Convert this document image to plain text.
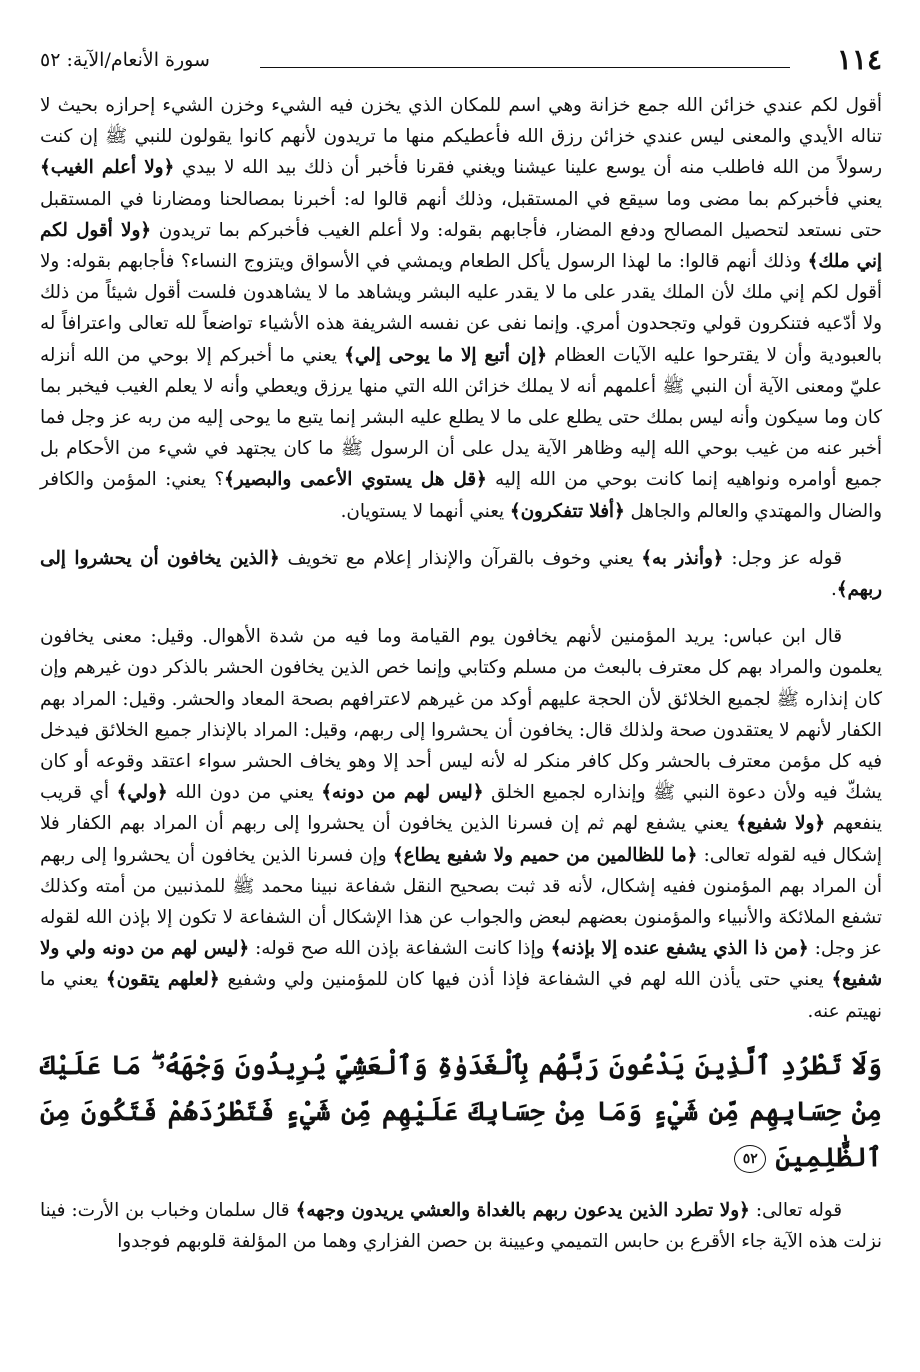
١١٤
سورة الأنعام/الآية: ٥٢

أقول لكم عندي خزائن الله جمع خزانة وهي اسم للمكان الذي يخزن فيه الشيء وخزن الشيء إحرازه بحيث لا تناله الأيدي والمعنى ليس عندي خزائن رزق الله فأعطيكم منها ما تريدون لأنهم كانوا يقولون للنبي ﷺ إن كنت رسولاً من الله فاطلب منه أن يوسع علينا عيشنا ويغني فقرنا فأخبر أن ذلك بيد الله لا بيدي ﴿ولا أعلم الغيب﴾ يعني فأخبركم بما مضى وما سيقع في المستقبل، وذلك أنهم قالوا له: أخبرنا بمصالحنا ومضارنا في المستقبل حتى نستعد لتحصيل المصالح ودفع المضار، فأجابهم بقوله: ولا أعلم الغيب فأخبركم بما تريدون ﴿ولا أقول لكم إني ملك﴾ وذلك أنهم قالوا: ما لهذا الرسول يأكل الطعام ويمشي في الأسواق ويتزوج النساء؟ فأجابهم بقوله: ولا أقول لكم إني ملك لأن الملك يقدر على ما لا يقدر عليه البشر ويشاهد ما لا يشاهدون فلست أقول شيئاً من ذلك ولا أدّعيه فتنكرون قولي وتجحدون أمري. وإنما نفى عن نفسه الشريفة هذه الأشياء تواضعاً لله تعالى واعترافاً له بالعبودية وأن لا يقترحوا عليه الآيات العظام ﴿إن أتبع إلا ما يوحى إلي﴾ يعني ما أخبركم إلا بوحي من الله أنزله عليّ ومعنى الآية أن النبي ﷺ أعلمهم أنه لا يملك خزائن الله التي منها يرزق ويعطي وأنه لا يعلم الغيب فيخبر بما كان وما سيكون وأنه ليس بملك حتى يطلع على ما لا يطلع عليه البشر إنما يتبع ما يوحى إليه من ربه عز وجل فما أخبر عنه من غيب بوحي الله إليه وظاهر الآية يدل على أن الرسول ﷺ ما كان يجتهد في شيء من الأحكام بل جميع أوامره ونواهيه إنما كانت بوحي من الله إليه ﴿قل هل يستوي الأعمى والبصير﴾؟ يعني: المؤمن والكافر والضال والمهتدي والعالم والجاهل ﴿أفلا تتفكرون﴾ يعني أنهما لا يستويان.

قوله عز وجل: ﴿وأنذر به﴾ يعني وخوف بالقرآن والإنذار إعلام مع تخويف ﴿الذين يخافون أن يحشروا إلى ربهم﴾.

قال ابن عباس: يريد المؤمنين لأنهم يخافون يوم القيامة وما فيه من شدة الأهوال. وقيل: معنى يخافون يعلمون والمراد بهم كل معترف بالبعث من مسلم وكتابي وإنما خص الذين يخافون الحشر بالذكر دون غيرهم وإن كان إنذاره ﷺ لجميع الخلائق لأن الحجة عليهم أوكد من غيرهم لاعترافهم بصحة المعاد والحشر. وقيل: المراد بهم الكفار لأنهم لا يعتقدون صحة ولذلك قال: يخافون أن يحشروا إلى ربهم، وقيل: المراد بالإنذار جميع الخلائق فيدخل فيه كل مؤمن معترف بالحشر وكل كافر منكر له لأنه ليس أحد إلا وهو يخاف الحشر سواء اعتقد وقوعه أو كان يشكّ فيه ولأن دعوة النبي ﷺ وإنذاره لجميع الخلق ﴿ليس لهم من دونه﴾ يعني من دون الله ﴿ولي﴾ أي قريب ينفعهم ﴿ولا شفيع﴾ يعني يشفع لهم ثم إن فسرنا الذين يخافون أن يحشروا إلى ربهم أن المراد بهم الكفار فلا إشكال فيه لقوله تعالى: ﴿ما للظالمين من حميم ولا شفيع يطاع﴾ وإن فسرنا الذين يخافون أن يحشروا إلى ربهم أن المراد بهم المؤمنون ففيه إشكال، لأنه قد ثبت بصحيح النقل شفاعة نبينا محمد ﷺ للمذنبين من أمته وكذلك تشفع الملائكة والأنبياء والمؤمنون بعضهم لبعض والجواب عن هذا الإشكال أن الشفاعة لا تكون إلا بإذن الله لقوله عز وجل: ﴿من ذا الذي يشفع عنده إلا بإذنه﴾ وإذا كانت الشفاعة بإذن الله صح قوله: ﴿ليس لهم من دونه ولي ولا شفيع﴾ يعني حتى يأذن الله لهم في الشفاعة فإذا أذن فيها كان للمؤمنين ولي وشفيع ﴿لعلهم يتقون﴾ يعني ما نهيتم عنه.

وَلَا تَطْرُدِ ٱلَّذِينَ يَدْعُونَ رَبَّهُم بِٱلْغَدَوٰةِ وَٱلْعَشِيِّ يُرِيدُونَ وَجْهَهُۥ ۖ مَا عَلَيْكَ مِنْ حِسَابِهِم مِّن شَيْءٍ وَمَا مِنْ حِسَابِكَ عَلَيْهِم مِّن شَيْءٍ فَتَطْرُدَهُمْ فَتَكُونَ مِنَ ٱلظَّٰلِمِينَ ٥٢

قوله تعالى: ﴿ولا تطرد الذين يدعون ربهم بالغداة والعشي يريدون وجهه﴾ قال سلمان وخباب بن الأرت: فينا نزلت هذه الآية جاء الأقرع بن حابس التميمي وعيينة بن حصن الفزاري وهما من المؤلفة قلوبهم فوجدوا
